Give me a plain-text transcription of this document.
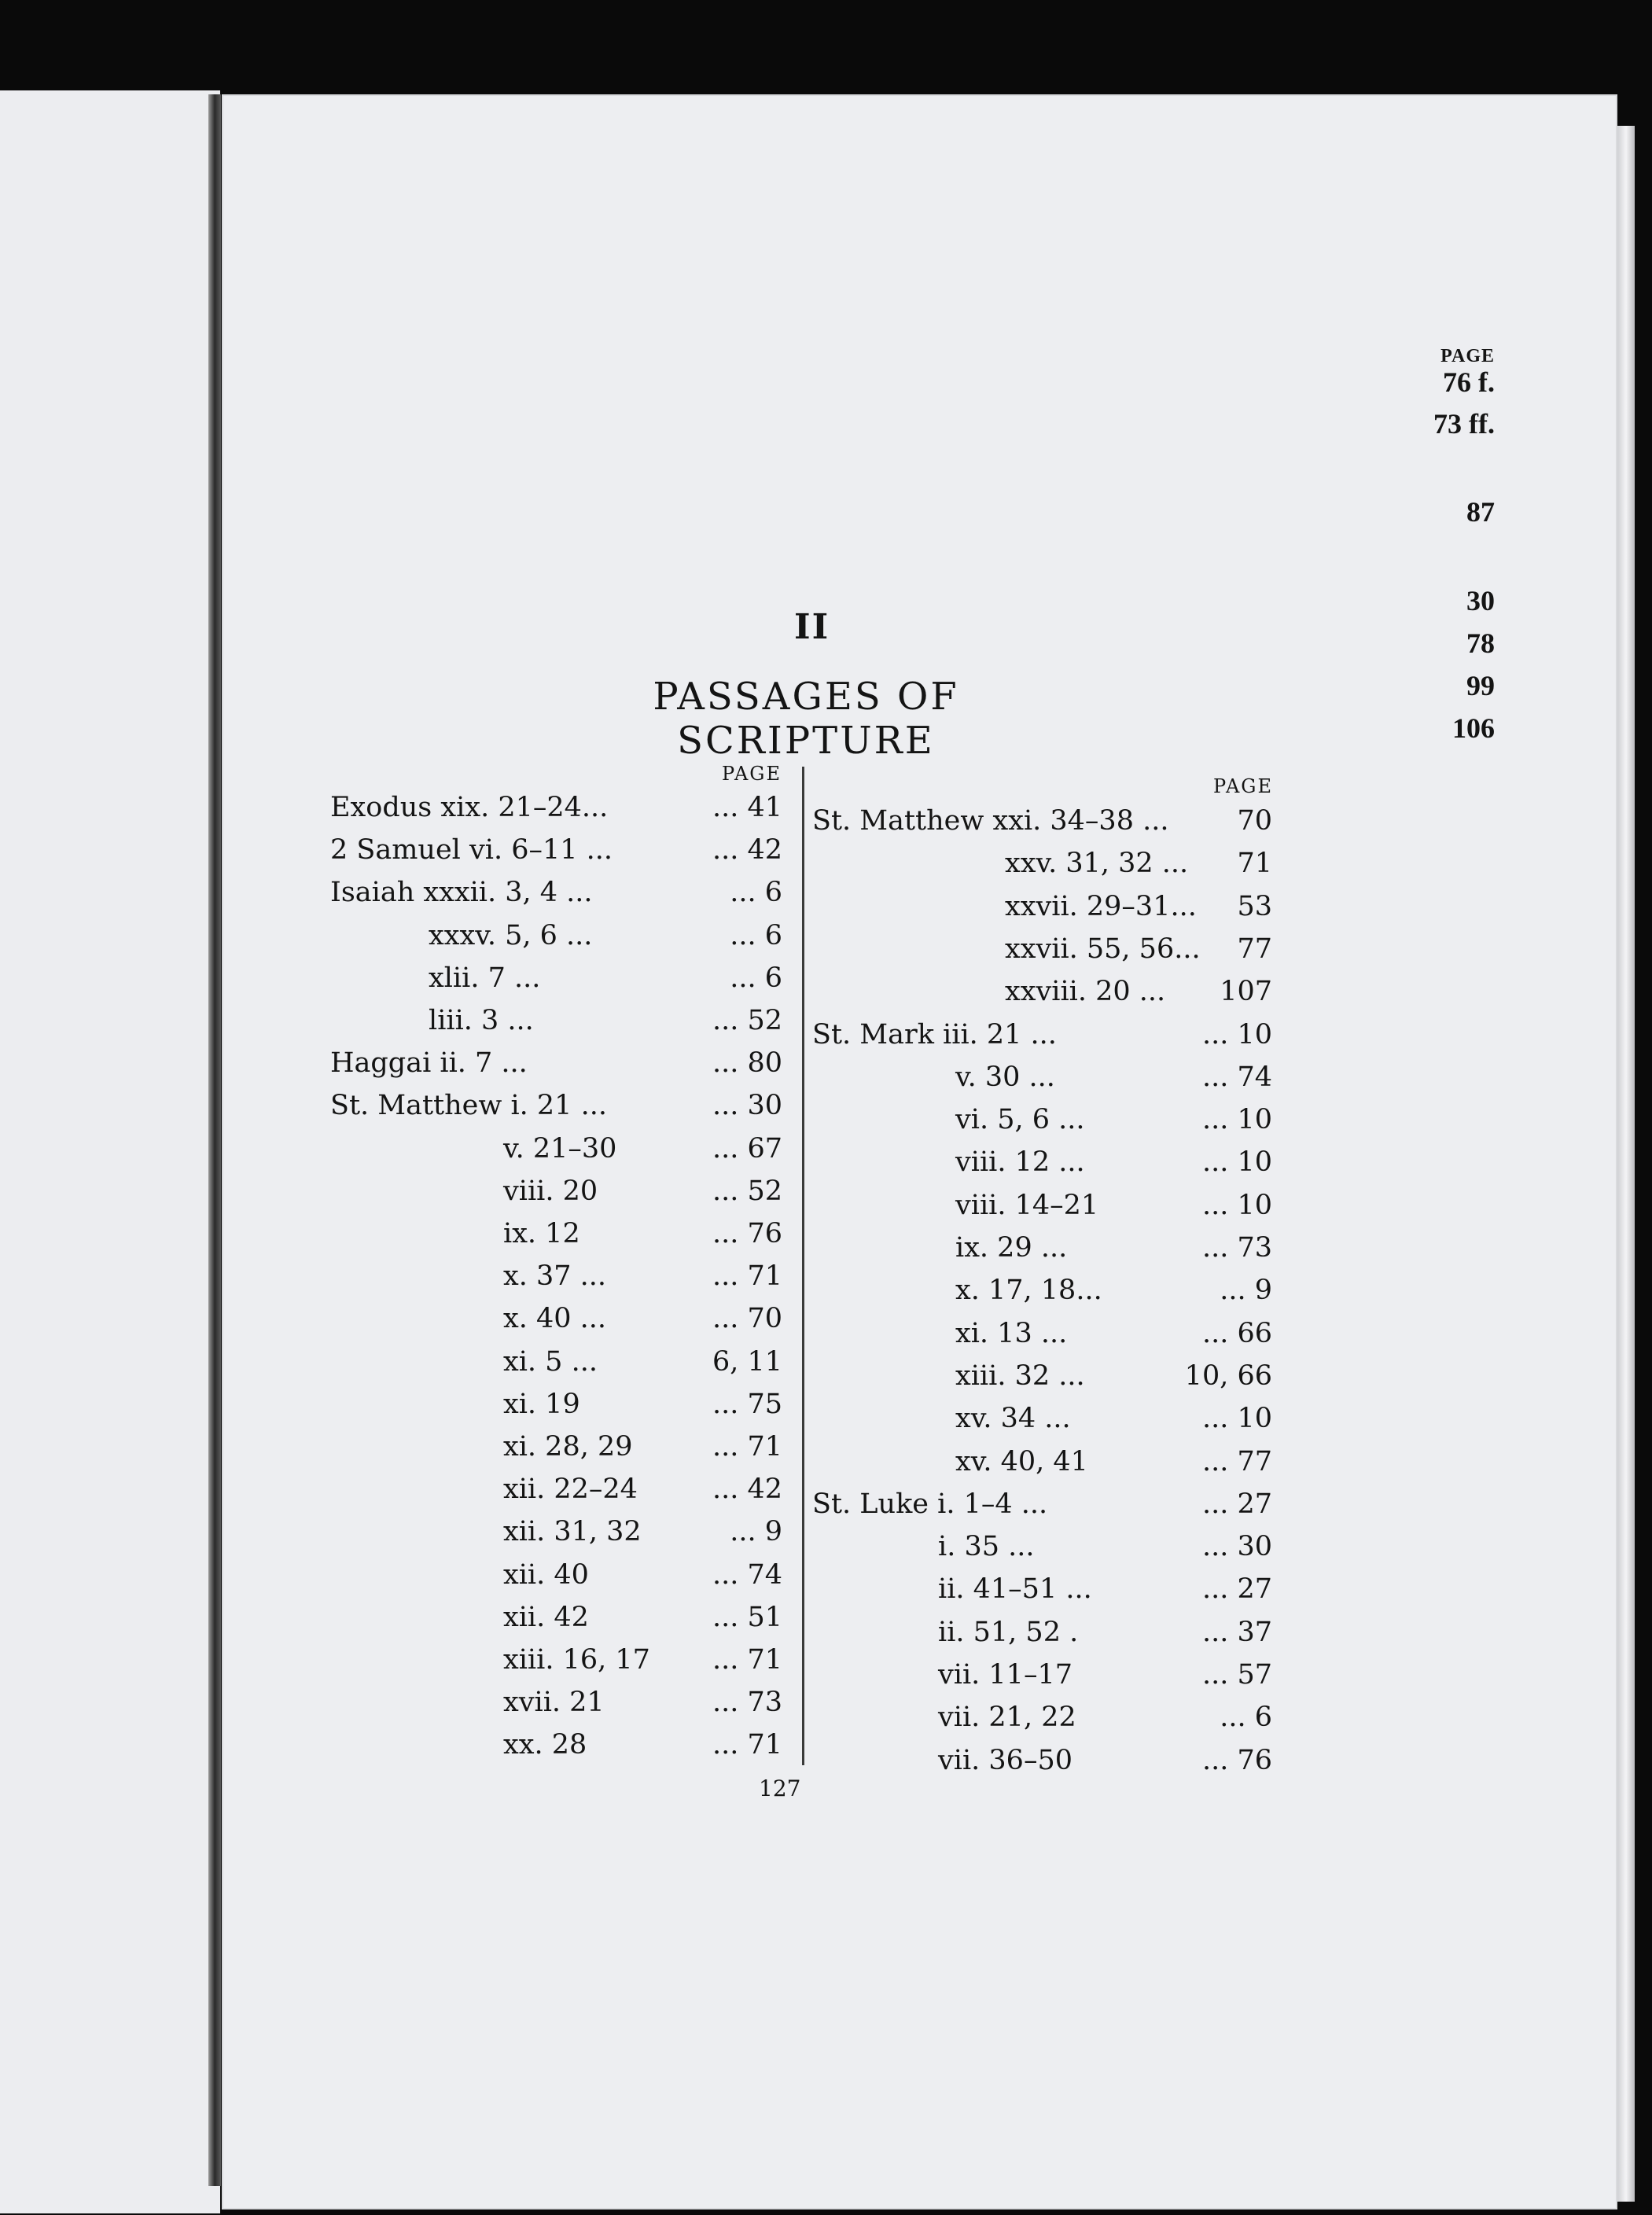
PAGE
76 f.
73 ff.
87
30
78
99
106
II
PASSAGES OF SCRIPTURE
PAGE
PAGE
Exodus xix. 21–24...	... 41
2 Samuel vi. 6–11 ...	... 42
Isaiah xxxii. 3, 4 ...	... 6
xxxv. 5, 6 ...	... 6
xlii. 7 ...	... 6
liii. 3 ...	... 52
Haggai ii. 7 ...	... 80
St. Matthew i. 21 ...	... 30
v. 21–30	... 67
viii. 20	... 52
ix. 12	... 76
x. 37 ...	... 71
x. 40 ...	... 70
xi. 5 ...	6, 11
xi. 19	... 75
xi. 28, 29	... 71
xii. 22–24	... 42
xii. 31, 32	... 9
xii. 40	... 74
xii. 42	... 51
xiii. 16, 17 ... 71
xvii. 21	... 73
xx. 28	... 71
St. Matthew xxi. 34–38 ... 70
xxv. 31, 32 ... 71
xxvii. 29–31... 53
xxvii. 55, 56... 77
xxviii. 20 ... 107
St. Mark iii. 21 ...	... 10
v. 30 ...	... 74
vi. 5, 6 ...	... 10
viii. 12 ...	... 10
viii. 14–21	... 10
ix. 29 ...	... 73
x. 17, 18...	... 9
xi. 13 ...	... 66
xiii. 32 ...	10, 66
xv. 34 ...	... 10
xv. 40, 41	... 77
St. Luke i. 1–4 ...	... 27
i. 35 ...	... 30
ii. 41–51 ...	... 27
ii. 51, 52 .	... 37
vii. 11–17	... 57
vii. 21, 22	... 6
vii. 36–50	... 76
127
